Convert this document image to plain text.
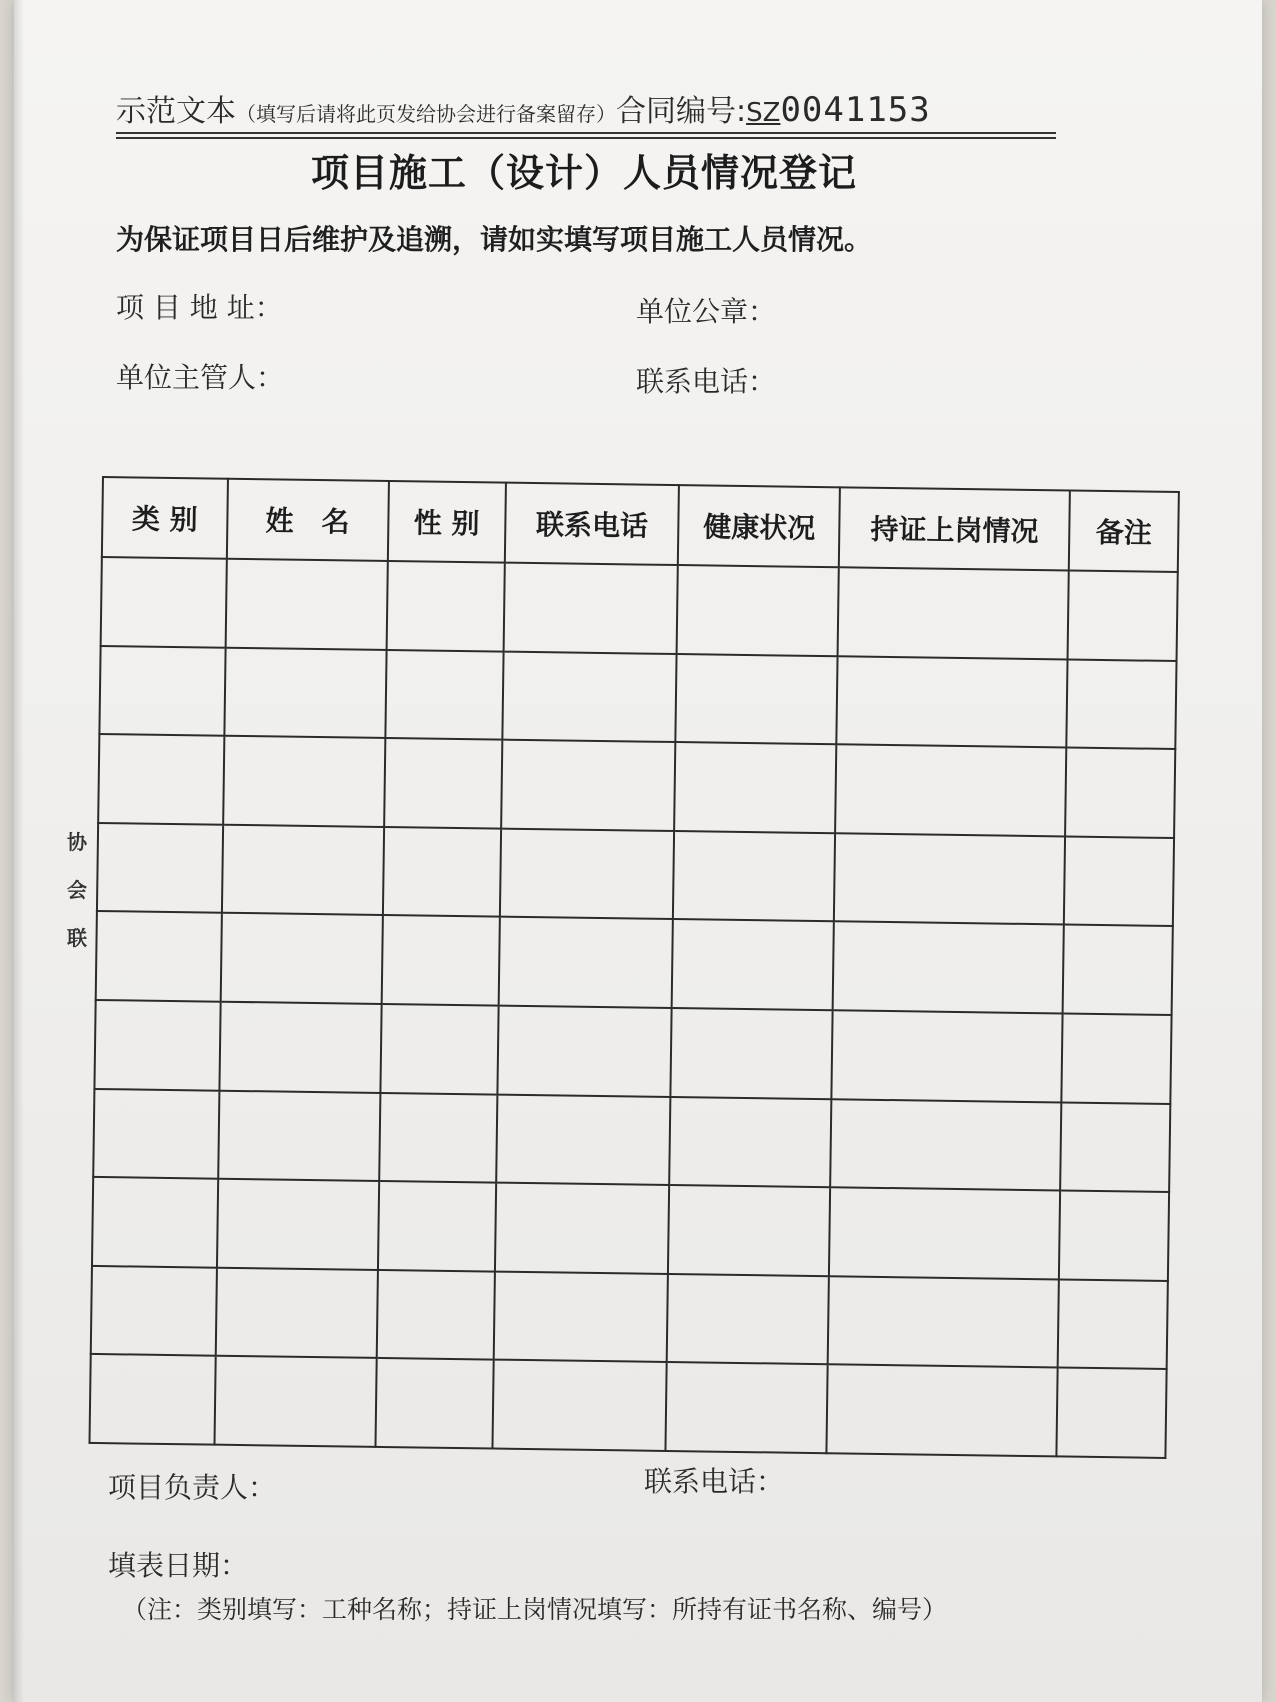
示范文本（填写后请将此页发给协会进行备案留存）合同编号:SZ0041153
项目施工（设计）人员情况登记
为保证项目日后维护及追溯，请如实填写项目施工人员情况。
项 目 地 址：	单位公章：
单位主管人：	联系电话：
类 别	姓　名	性 别	联系电话	健康状况	持证上岗情况	备注

协
会
联
项目负责人：	联系电话：
填表日期：
（注：类别填写：工种名称；持证上岗情况填写：所持有证书名称、编号）
